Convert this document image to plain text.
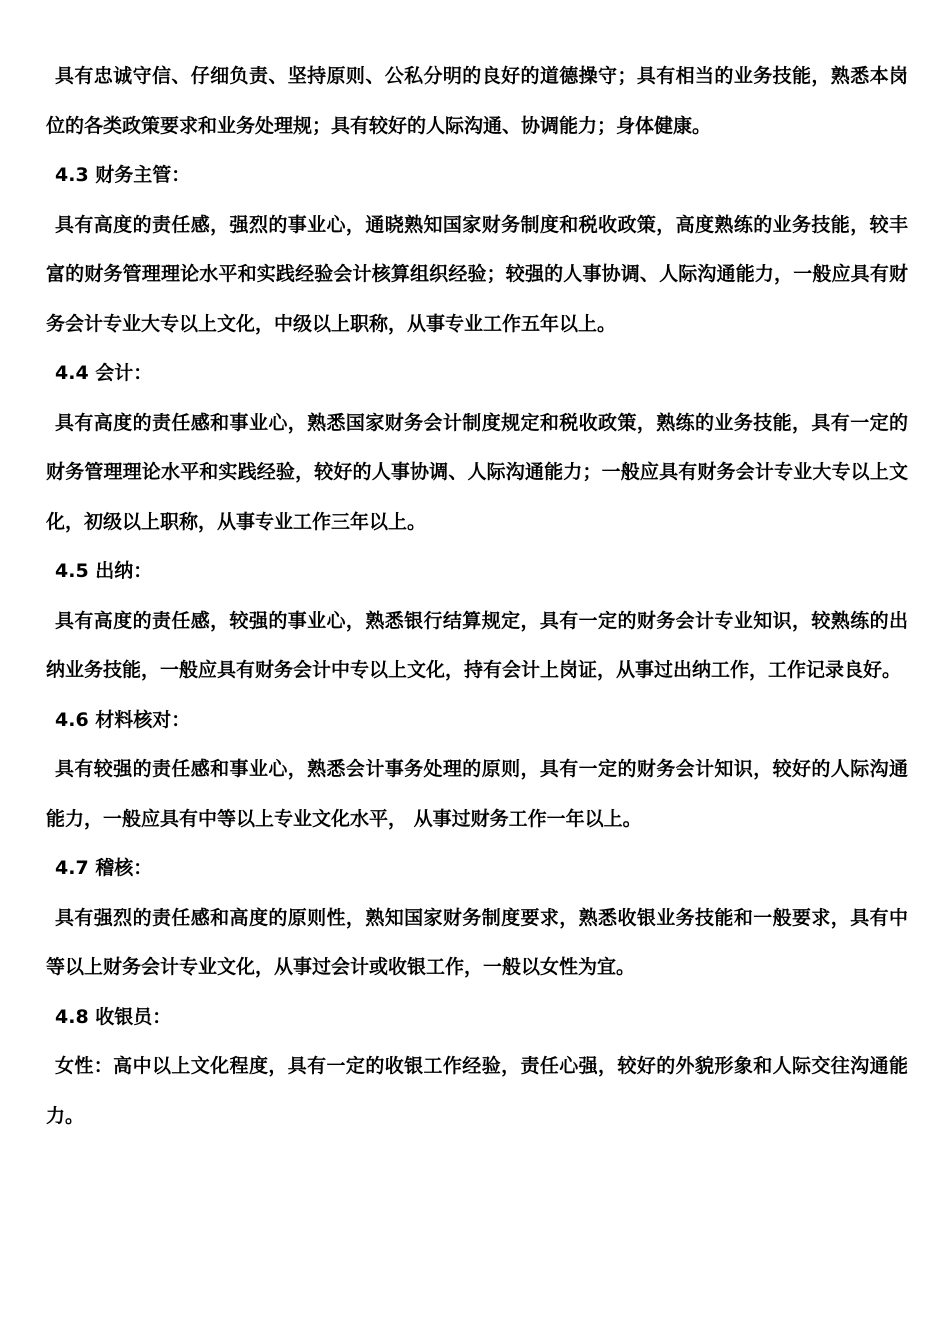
具有忠诚守信、仔细负责、坚持原则、公私分明的良好的道德操守；具有相当的业务技能，熟悉本岗位的各类政策要求和业务处理规；具有较好的人际沟通、协调能力；身体健康。

4.3 财务主管：

具有高度的责任感，强烈的事业心，通晓熟知国家财务制度和税收政策，高度熟练的业务技能，较丰富的财务管理理论水平和实践经验会计核算组织经验；较强的人事协调、人际沟通能力，一般应具有财务会计专业大专以上文化，中级以上职称，从事专业工作五年以上。

4.4 会计：

具有高度的责任感和事业心，熟悉国家财务会计制度规定和税收政策，熟练的业务技能，具有一定的财务管理理论水平和实践经验，较好的人事协调、人际沟通能力；一般应具有财务会计专业大专以上文化，初级以上职称，从事专业工作三年以上。

4.5 出纳：

具有高度的责任感，较强的事业心，熟悉银行结算规定，具有一定的财务会计专业知识，较熟练的出纳业务技能，一般应具有财务会计中专以上文化，持有会计上岗证，从事过出纳工作，工作记录良好。

4.6 材料核对：

具有较强的责任感和事业心，熟悉会计事务处理的原则，具有一定的财务会计知识，较好的人际沟通能力，一般应具有中等以上专业文化水平， 从事过财务工作一年以上。

4.7 稽核：

具有强烈的责任感和高度的原则性，熟知国家财务制度要求，熟悉收银业务技能和一般要求，具有中等以上财务会计专业文化，从事过会计或收银工作，一般以女性为宜。

4.8 收银员：

女性：高中以上文化程度，具有一定的收银工作经验，责任心强，较好的外貌形象和人际交往沟通能力。
